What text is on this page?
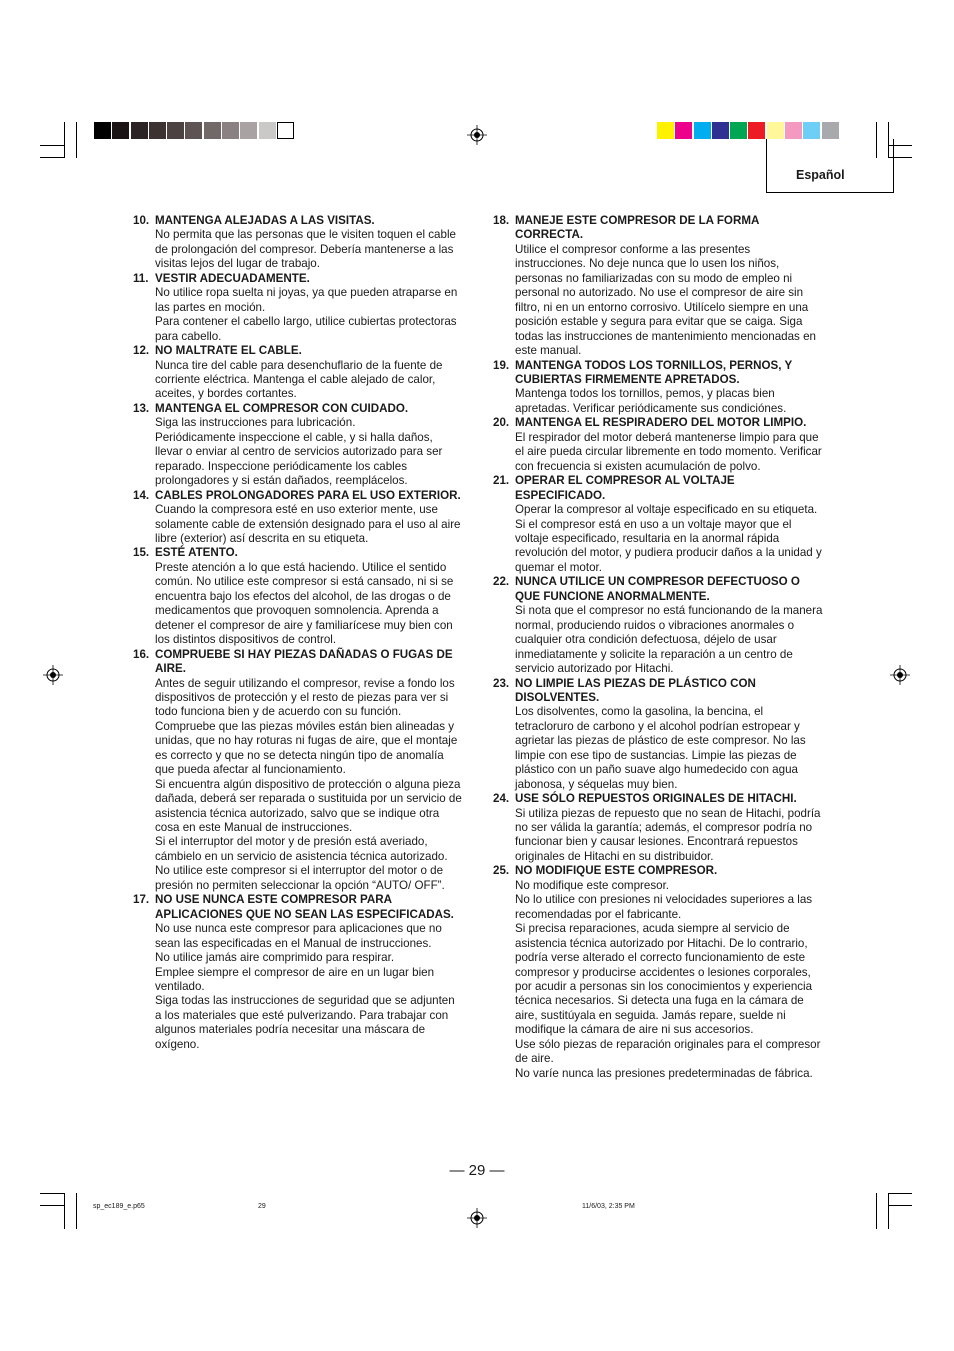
Español
10. MANTENGA ALEJADAS A LAS VISITAS.
No permita que las personas que le visiten toquen el cable de prolongación del compresor. Debería mantenerse a las visitas lejos del lugar de trabajo.
11. VESTIR ADECUADAMENTE.
No utilice ropa suelta ni joyas, ya que pueden atraparse en las partes en moción.
Para contener el cabello largo, utilice cubiertas protectoras para cabello.
12. NO MALTRATE EL CABLE.
Nunca tire del cable para desenchuflario de la fuente de corriente eléctrica. Mantenga el cable alejado de calor, aceites, y bordes cortantes.
13. MANTENGA EL COMPRESOR CON CUIDADO.
Siga las instrucciones para lubricación.
Periódicamente inspeccione el cable, y si halla daños, llevar o enviar al centro de servicios autorizado para ser reparado. Inspeccione periódicamente los cables prolongadores y si están dañados, reemplácelos.
14. CABLES PROLONGADORES PARA EL USO EXTERIOR.
Cuando la compresora esté en uso exterior mente, use solamente cable de extensión designado para el uso al aire libre (exterior) así descrita en su etiqueta.
15. ESTÉ ATENTO.
Preste atención a lo que está haciendo. Utilice el sentido común. No utilice este compresor si está cansado, ni si se encuentra bajo los efectos del alcohol, de las drogas o de medicamentos que provoquen somnolencia. Aprenda a detener el compresor de aire y familiarícese muy bien con los distintos dispositivos de control.
16. COMPRUEBE SI HAY PIEZAS DAÑADAS O FUGAS DE AIRE.
Antes de seguir utilizando el compresor, revise a fondo los dispositivos de protección y el resto de piezas para ver si todo funciona bien y de acuerdo con su función. Compruebe que las piezas móviles están bien alineadas y unidas, que no hay roturas ni fugas de aire, que el montaje es correcto y que no se detecta ningún tipo de anomalía que pueda afectar al funcionamiento.
Si encuentra algún dispositivo de protección o alguna pieza dañada, deberá ser reparada o sustituida por un servicio de asistencia técnica autorizado, salvo que se indique otra cosa en este Manual de instrucciones.
Si el interruptor del motor y de presión está averiado, cámbielo en un servicio de asistencia técnica autorizado.
No utilice este compresor si el interruptor del motor o de presión no permiten seleccionar la opción “AUTO/ OFF”.
17. NO USE NUNCA ESTE COMPRESOR PARA APLICACIONES QUE NO SEAN LAS ESPECIFICADAS.
No use nunca este compresor para aplicaciones que no sean las especificadas en el Manual de instrucciones.
No utilice jamás aire comprimido para respirar.
Emplee siempre el compresor de aire en un lugar bien ventilado.
Siga todas las instrucciones de seguridad que se adjunten a los materiales que esté pulverizando. Para trabajar con algunos materiales podría necesitar una máscara de oxígeno.
18. MANEJE ESTE COMPRESOR DE LA FORMA CORRECTA.
Utilice el compresor conforme a las presentes instrucciones. No deje nunca que lo usen los niños, personas no familiarizadas con su modo de empleo ni personal no autorizado. No use el compresor de aire sin filtro, ni en un entorno corrosivo. Utilícelo siempre en una posición estable y segura para evitar que se caiga. Siga todas las instrucciones de mantenimiento mencionadas en este manual.
19. MANTENGA TODOS LOS TORNILLOS, PERNOS, Y CUBIERTAS FIRMEMENTE APRETADOS.
Mantenga todos los tornillos, pemos, y placas bien apretadas. Verificar periódicamente sus condiciónes.
20. MANTENGA EL RESPIRADERO DEL MOTOR LIMPIO.
El respirador del motor deberá mantenerse limpio para que el aire pueda circular libremente en todo momento. Verificar con frecuencia si existen acumulación de polvo.
21. OPERAR EL COMPRESOR AL VOLTAJE ESPECIFICADO.
Operar la compresor al voltaje especificado en su etiqueta.
Si el compresor está en uso a un voltaje mayor que el voltaje especificado, resultaria en la anormal rápida revolución del motor, y pudiera producir daños a la unidad y quemar el motor.
22. NUNCA UTILICE UN COMPRESOR DEFECTUOSO O QUE FUNCIONE ANORMALMENTE.
Si nota que el compresor no está funcionando de la manera normal, produciendo ruidos o vibraciones anormales o cualquier otra condición defectuosa, déjelo de usar inmediatamente y solicite la reparación a un centro de servicio autorizado por Hitachi.
23. NO LIMPIE LAS PIEZAS DE PLÁSTICO CON DISOLVENTES.
Los disolventes, como la gasolina, la bencina, el tetracloruro de carbono y el alcohol podrían estropear y agrietar las piezas de plástico de este compresor. No las limpie con ese tipo de sustancias. Limpie las piezas de plástico con un paño suave algo humedecido con agua jabonosa, y séquelas muy bien.
24. USE SÓLO REPUESTOS ORIGINALES DE HITACHI.
Si utiliza piezas de repuesto que no sean de Hitachi, podría no ser válida la garantía; además, el compresor podría no funcionar bien y causar lesiones. Encontrará repuestos originales de Hitachi en su distribuidor.
25. NO MODIFIQUE ESTE COMPRESOR.
No modifique este compresor.
No lo utilice con presiones ni velocidades superiores a las recomendadas por el fabricante.
Si precisa reparaciones, acuda siempre al servicio de asistencia técnica autorizado por Hitachi. De lo contrario, podría verse alterado el correcto funcionamiento de este compresor y producirse accidentes o lesiones corporales, por acudir a personas sin los conocimientos y experiencia técnica necesarios. Si detecta una fuga en la cámara de aire, sustitúyala en seguida. Jamás repare, suelde ni modifique la cámara de aire ni sus accesorios.
Use sólo piezas de reparación originales para el compresor de aire.
No varíe nunca las presiones predeterminadas de fábrica.
— 29 —
sp_ec189_e.p65	29	11/6/03, 2:35 PM
